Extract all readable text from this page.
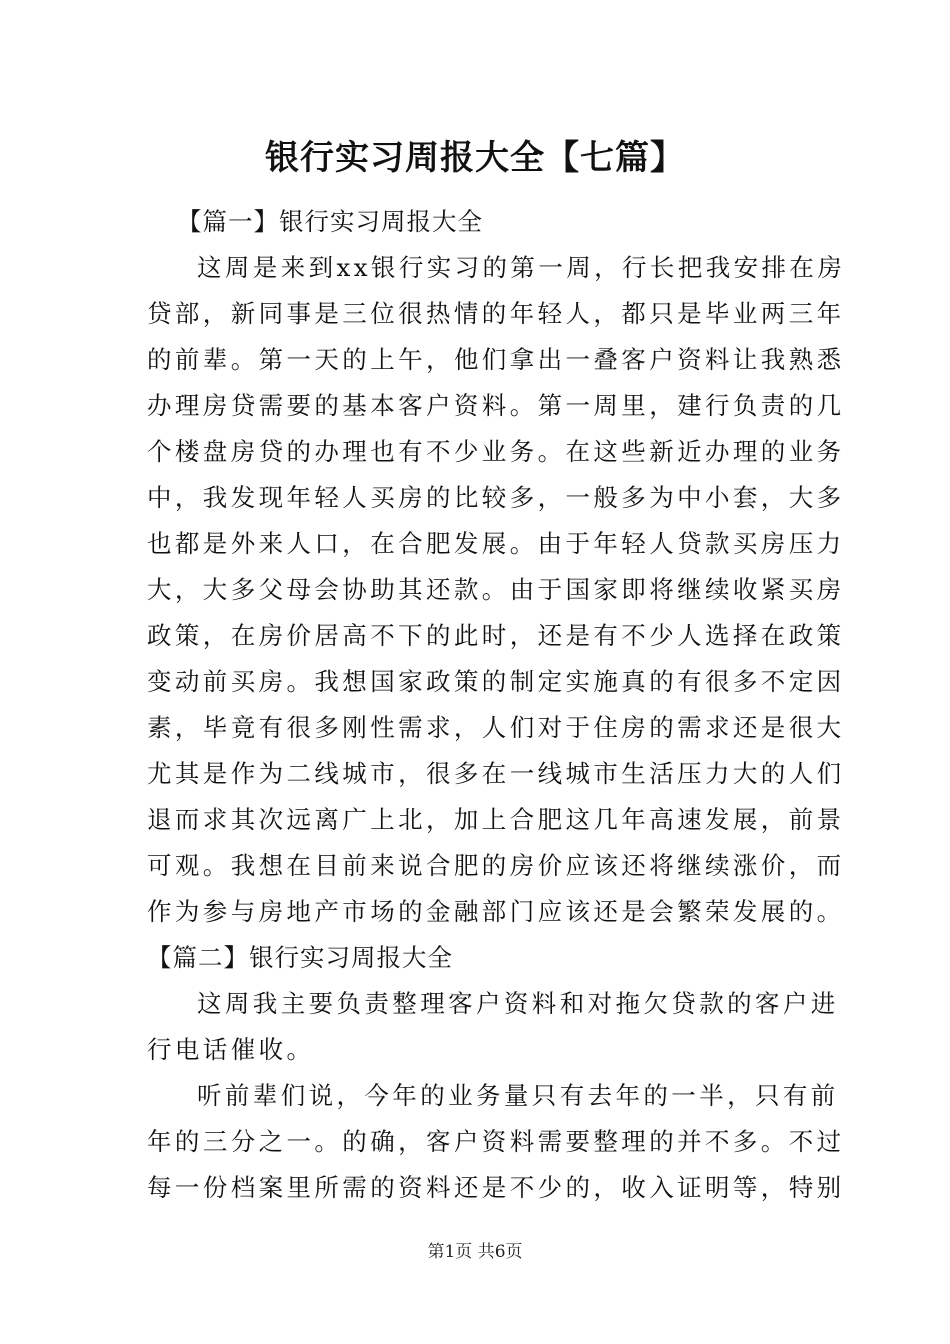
银行实习周报大全【七篇】
【篇一】银行实习周报大全
这周是来到xx银行实习的第一周，行长把我安排在房
贷部，新同事是三位很热情的年轻人，都只是毕业两三年
的前辈。第一天的上午，他们拿出一叠客户资料让我熟悉
办理房贷需要的基本客户资料。第一周里，建行负责的几
个楼盘房贷的办理也有不少业务。在这些新近办理的业务
中，我发现年轻人买房的比较多，一般多为中小套，大多
也都是外来人口，在合肥发展。由于年轻人贷款买房压力
大，大多父母会协助其还款。由于国家即将继续收紧买房
政策，在房价居高不下的此时，还是有不少人选择在政策
变动前买房。我想国家政策的制定实施真的有很多不定因
素，毕竟有很多刚性需求，人们对于住房的需求还是很大
尤其是作为二线城市，很多在一线城市生活压力大的人们
退而求其次远离广上北，加上合肥这几年高速发展，前景
可观。我想在目前来说合肥的房价应该还将继续涨价，而
作为参与房地产市场的金融部门应该还是会繁荣发展的。
【篇二】银行实习周报大全
这周我主要负责整理客户资料和对拖欠贷款的客户进
行电话催收。
听前辈们说，今年的业务量只有去年的一半，只有前
年的三分之一。的确，客户资料需要整理的并不多。不过
每一份档案里所需的资料还是不少的，收入证明等，特别
第1页 共6页
